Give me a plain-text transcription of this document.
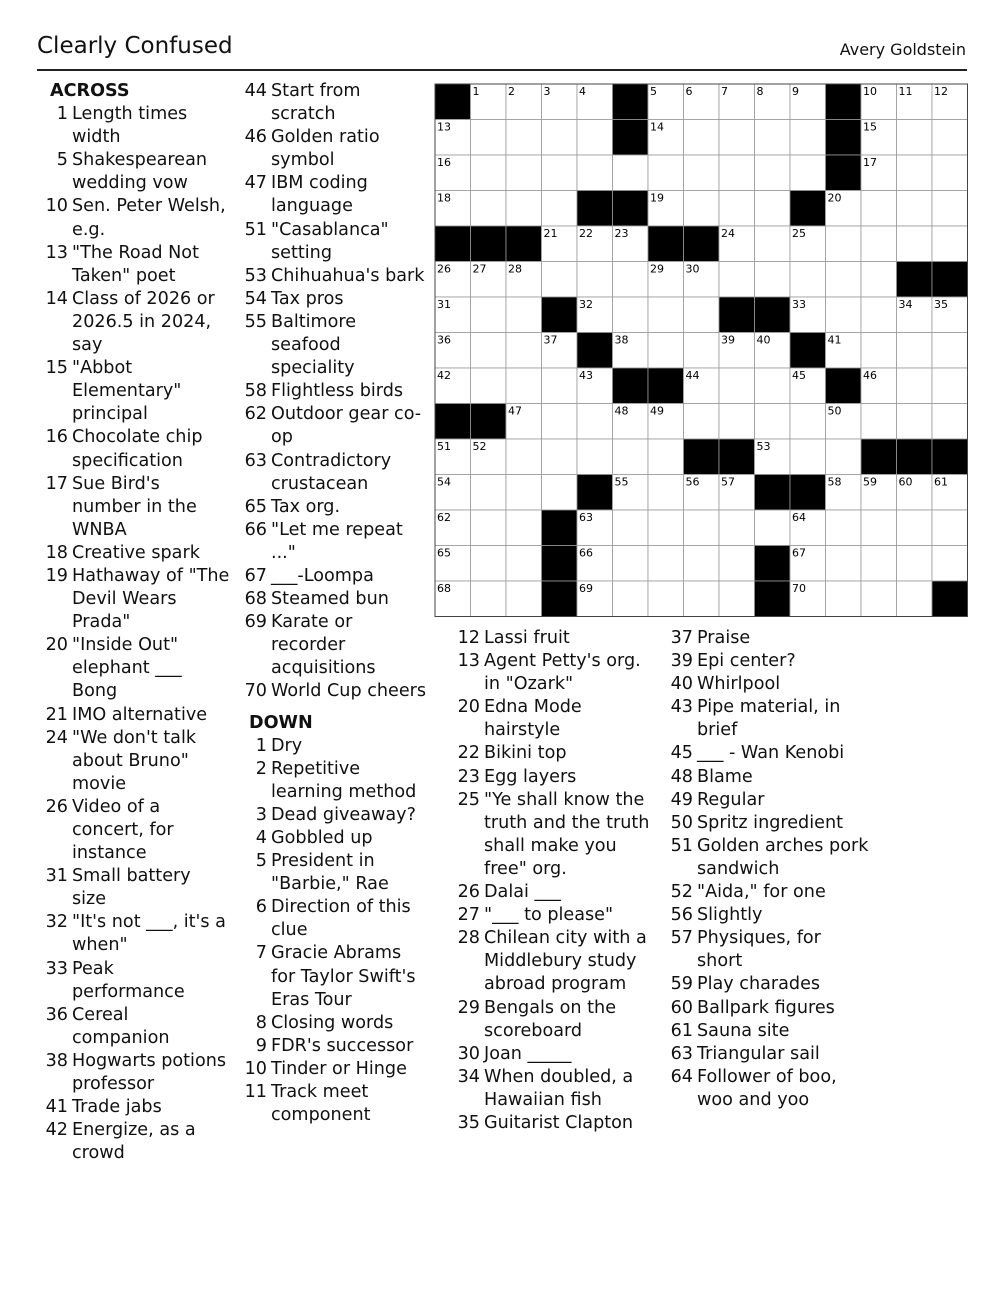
Clearly Confused	Avery Goldstein
ACROSS
1 Length times width
5 Shakespearean wedding vow
10 Sen. Peter Welsh, e.g.
13 "The Road Not Taken" poet
14 Class of 2026 or 2026.5 in 2024, say
15 "Abbot Elementary" principal
16 Chocolate chip specification
17 Sue Bird's number in the WNBA
18 Creative spark
19 Hathaway of "The Devil Wears Prada"
20 "Inside Out" elephant ___ Bong
21 IMO alternative
24 "We don't talk about Bruno" movie
26 Video of a concert, for instance
31 Small battery size
32 "It's not ___, it's a when"
33 Peak performance
36 Cereal companion
38 Hogwarts potions professor
41 Trade jabs
42 Energize, as a crowd
44 Start from scratch
46 Golden ratio symbol
47 IBM coding language
51 "Casablanca" setting
53 Chihuahua's bark
54 Tax pros
55 Baltimore seafood speciality
58 Flightless birds
62 Outdoor gear co-op
63 Contradictory crustacean
65 Tax org.
66 "Let me repeat ..."
67 ___-Loompa
68 Steamed bun
69 Karate or recorder acquisitions
70 World Cup cheers
DOWN
1 Dry
2 Repetitive learning method
3 Dead giveaway?
4 Gobbled up
5 President in "Barbie," Rae
6 Direction of this clue
7 Gracie Abrams for Taylor Swift's Eras Tour
8 Closing words
9 FDR's successor
10 Tinder or Hinge
11 Track meet component
12 Lassi fruit
13 Agent Petty's org. in "Ozark"
20 Edna Mode hairstyle
22 Bikini top
23 Egg layers
25 "Ye shall know the truth and the truth shall make you free" org.
26 Dalai ___
27 "___ to please"
28 Chilean city with a Middlebury study abroad program
29 Bengals on the scoreboard
30 Joan _____
34 When doubled, a Hawaiian fish
35 Guitarist Clapton
37 Praise
39 Epi center?
40 Whirlpool
43 Pipe material, in brief
45 ___ - Wan Kenobi
48 Blame
49 Regular
50 Spritz ingredient
51 Golden arches pork sandwich
52 "Aida," for one
56 Slightly
57 Physiques, for short
59 Play charades
60 Ballpark figures
61 Sauna site
63 Triangular sail
64 Follower of boo, woo and yoo
1	2	3	4	5	6	7	8	9	10 11 12
13	14	15
16	17
18	19	20
21 22 23	24	25
26 27 28	29 30
31	32	33	34 35
36	37	38	39 40	41
42	43	44	45	46
47	48 49	50
51 52	53
54	55	56 57	58 59 60 61
62	63	64
65	66	67
68	69	70
